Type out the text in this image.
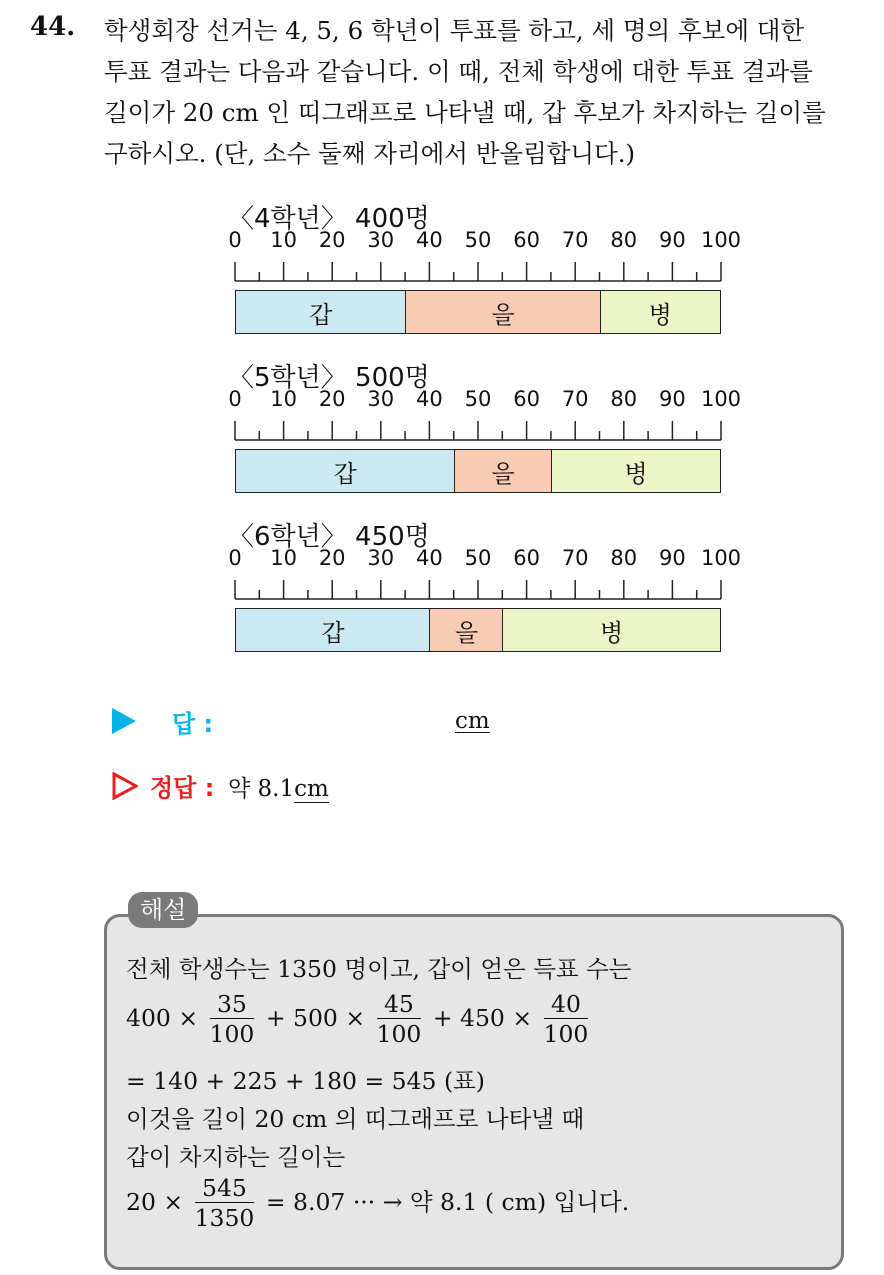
44. 학생회장 선거는 4, 5, 6 학년이 투표를 하고, 세 명의 후보에 대한
투표 결과는 다음과 같습니다. 이 때, 전체 학생에 대한 투표 결과를
길이가 20 cm 인 띠그래프로 나타낼 때, 갑 후보가 차지하는 길이를
구하시오. (단, 소수 둘째 자리에서 반올림합니다.)
〈4학년〉 400명
0 10 20 30 40 50 60 70 80 90 100
갑	을	병
〈5학년〉 500명
0 10 20 30 40 50 60 70 80 90 100
갑	을	병
〈6학년〉 450명
0 10 20 30 40 50 60 70 80 90 100
갑	을	병
답 :	cm
정답 : 약 8.1cm
해설
전체 학생수는 1350 명이고, 갑이 얻은 득표 수는
$400 \times \frac{35}{100} + 500 \times \frac{45}{100} + 450 \times \frac{40}{100}$
= 140 + 225 + 180 = 545 (표)
이것을 길이 20 cm 의 띠그래프로 나타낼 때
갑이 차지하는 길이는
$20 \times \frac{545}{1350} = 8.07$ ··· → 약 8.1 ( cm) 입니다.
